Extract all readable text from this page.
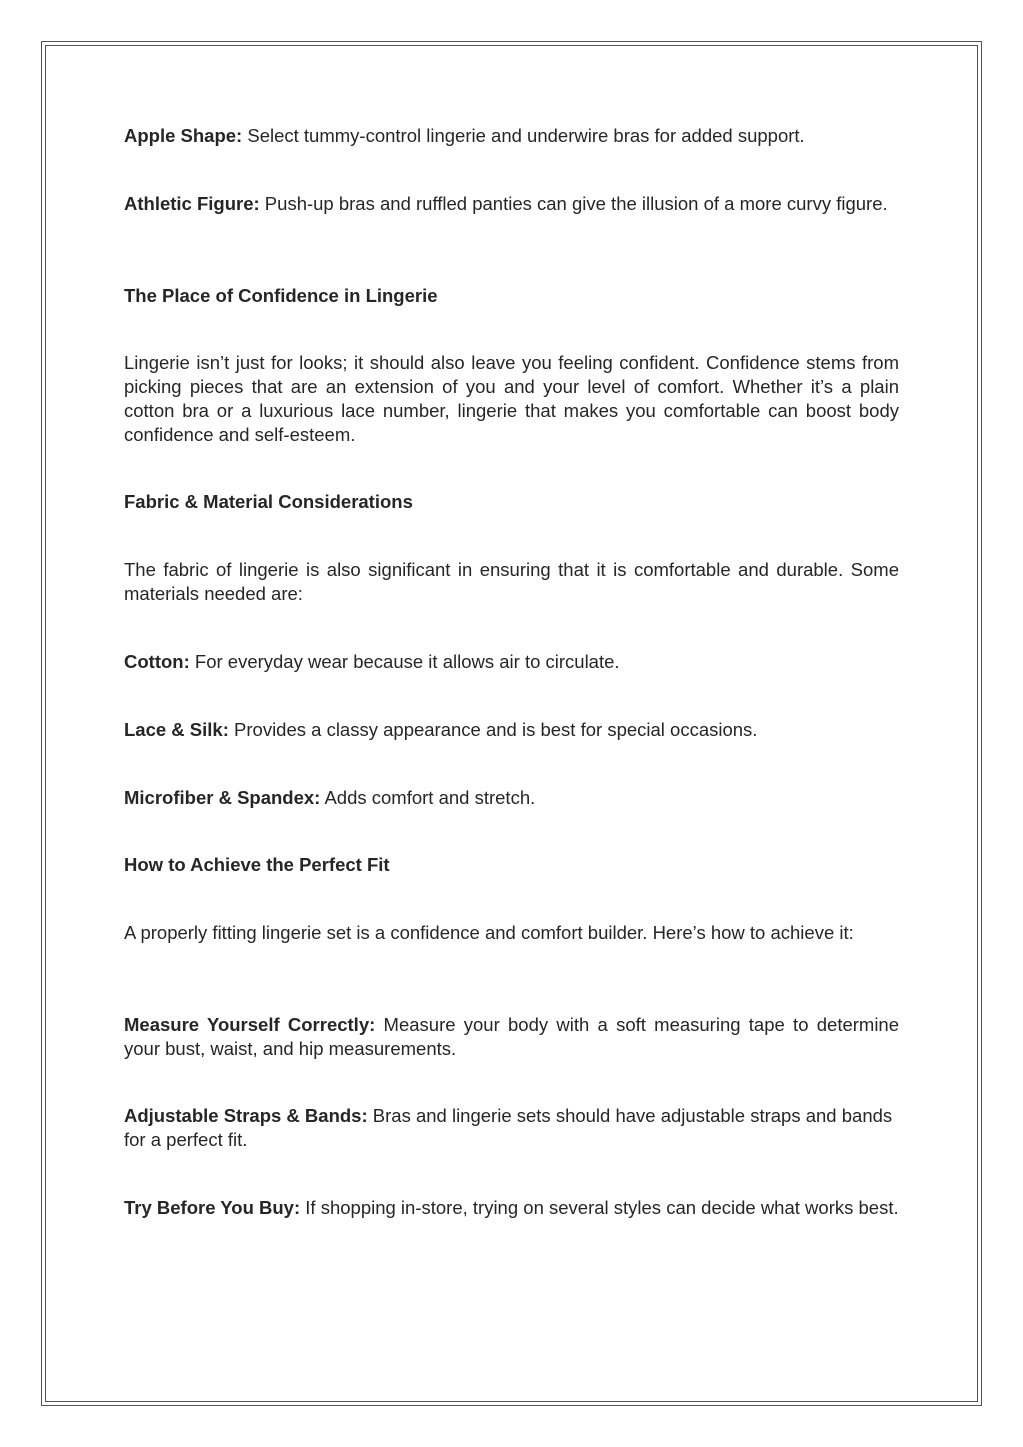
Apple Shape: Select tummy-control lingerie and underwire bras for added support.

Athletic Figure: Push-up bras and ruffled panties can give the illusion of a more curvy figure.

The Place of Confidence in Lingerie

Lingerie isn’t just for looks; it should also leave you feeling confident. Confidence stems from picking pieces that are an extension of you and your level of comfort. Whether it’s a plain cotton bra or a luxurious lace number, lingerie that makes you comfortable can boost body confidence and self-esteem.

Fabric & Material Considerations

The fabric of lingerie is also significant in ensuring that it is comfortable and durable. Some materials needed are:

Cotton: For everyday wear because it allows air to circulate.

Lace & Silk: Provides a classy appearance and is best for special occasions.

Microfiber & Spandex: Adds comfort and stretch.

How to Achieve the Perfect Fit

A properly fitting lingerie set is a confidence and comfort builder. Here’s how to achieve it:

Measure Yourself Correctly: Measure your body with a soft measuring tape to determine your bust, waist, and hip measurements.

Adjustable Straps & Bands: Bras and lingerie sets should have adjustable straps and bands for a perfect fit.

Try Before You Buy: If shopping in-store, trying on several styles can decide what works best.
